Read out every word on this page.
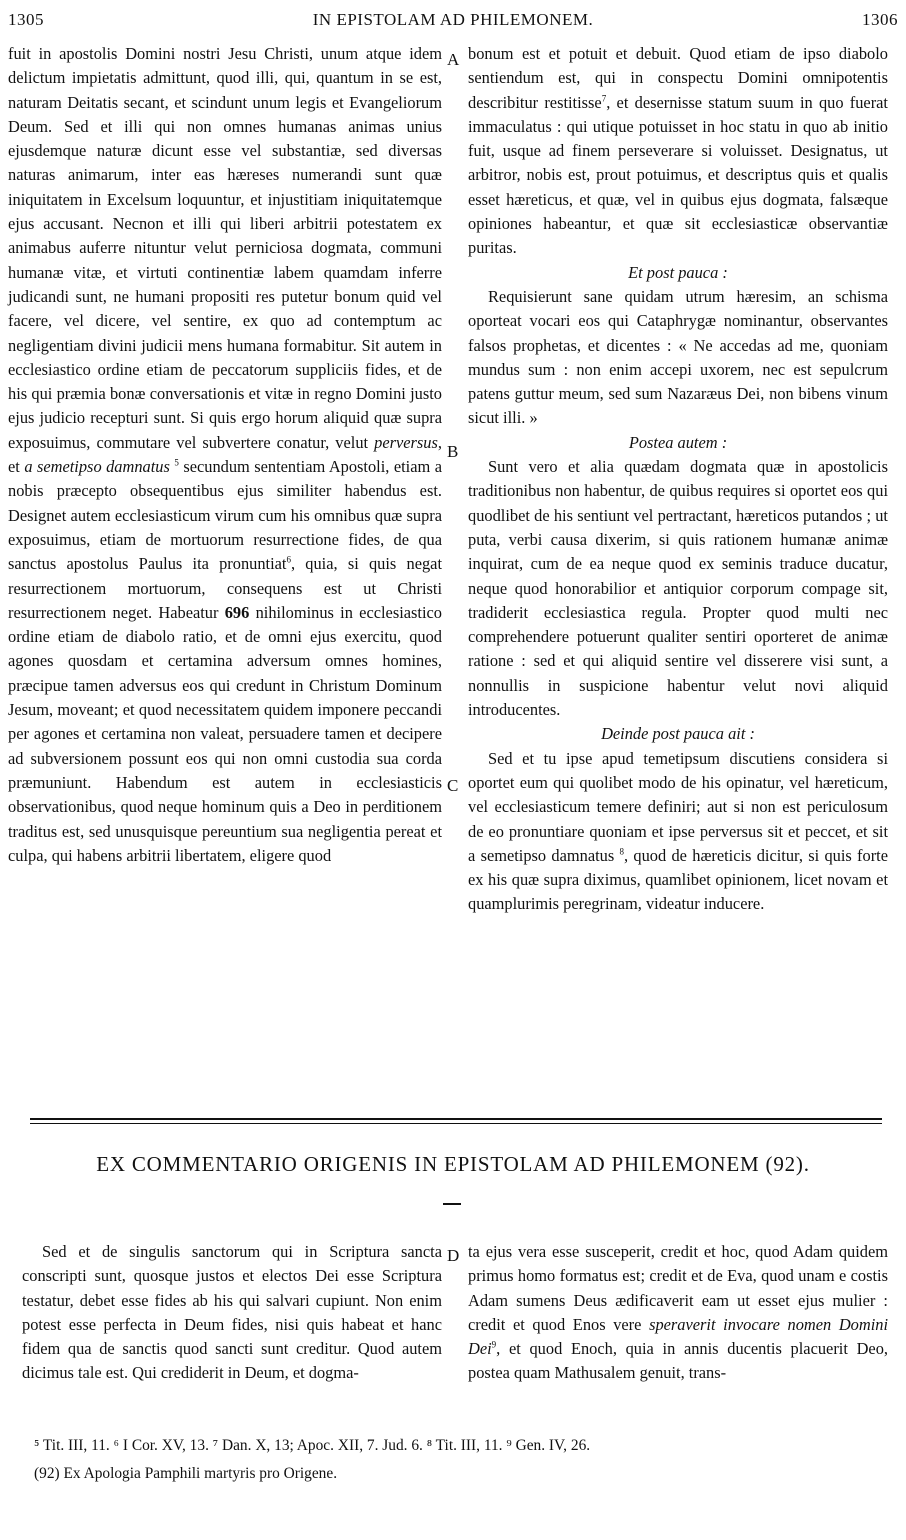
1305	IN EPISTOLAM AD PHILEMONEM.	1306

fuit in apostolis Domini nostri Jesu Christi, unum atque idem delictum impietatis admittunt, quod illi, qui, quantum in se est, naturam Deitatis secant, et scindunt unum legis et Evangeliorum Deum. Sed et illi qui non omnes humanas animas unius ejusdemque naturæ dicunt esse vel substantiæ, sed diversas naturas animarum, inter eas hæreses numerandi sunt quæ iniquitatem in Excelsum loquuntur, et injustitiam iniquitatemque ejus accusant. Necnon et illi qui liberi arbitrii potestatem ex animabus auferre nituntur velut perniciosa dogmata, communi humanæ vitæ, et virtuti continentiæ labem quamdam inferre judicandi sunt, ne humani propositi res putetur bonum quid vel facere, vel dicere, vel sentire, ex quo ad contemptum ac negligentiam divini judicii mens humana formabitur. Sit autem in ecclesiastico ordine etiam de peccatorum suppliciis fides, et de his qui præmia bonæ conversationis et vitæ in regno Domini justo ejus judicio recepturi sunt. Si quis ergo horum aliquid quæ supra exposuimus, commutare vel subvertere conatur, velut perversus, et a semetipso damnatus $^5$ secundum sententiam Apostoli, etiam a nobis præcepto obsequentibus ejus similiter habendus est. Designet autem ecclesiasticum virum cum his omnibus quæ supra exposuimus, etiam de mortuorum resurrectione fides, de qua sanctus apostolus Paulus ita pronuntiat$^6$, quia, si quis negat resurrectionem mortuorum, consequens est ut Christi resurrectionem neget. Habeatur 696 nihilominus in ecclesiastico ordine etiam de diabolo ratio, et de omni ejus exercitu, quod agones quosdam et certamina adversum omnes homines, præcipue tamen adversus eos qui credunt in Christum Dominum Jesum, moveant; et quod necessitatem quidem imponere peccandi per agones et certamina non valeat, persuadere tamen et decipere ad subversionem possunt eos qui non omni custodia sua corda præmuniunt. Habendum est autem in ecclesiasticis observationibus, quod neque hominum quis a Deo in perditionem traditus est, sed unusquisque pereuntium sua negligentia pereat et culpa, qui habens arbitrii libertatem, eligere quod

A
B
C
D

bonum est et potuit et debuit. Quod etiam de ipso diabolo sentiendum est, qui in conspectu Domini omnipotentis describitur restitisse$^7$, et desernisse statum suum in quo fuerat immaculatus : qui utique potuisset in hoc statu in quo ab initio fuit, usque ad finem perseverare si voluisset. Designatus, ut arbitror, nobis est, prout potuimus, et descriptus quis et qualis esset hæreticus, et quæ, vel in quibus ejus dogmata, falsæque opiniones habeantur, et quæ sit ecclesiasticæ observantiæ puritas.

Et post pauca :

Requisierunt sane quidam utrum hæresim, an schisma oporteat vocari eos qui Cataphrygæ nominantur, observantes falsos prophetas, et dicentes : « Ne accedas ad me, quoniam mundus sum : non enim accepi uxorem, nec est sepulcrum patens guttur meum, sed sum Nazaræus Dei, non bibens vinum sicut illi. »

Postea autem :

Sunt vero et alia quædam dogmata quæ in apostolicis traditionibus non habentur, de quibus requires si oportet eos qui quodlibet de his sentiunt vel pertractant, hæreticos putandos ; ut puta, verbi causa dixerim, si quis rationem humanæ animæ inquirat, cum de ea neque quod ex seminis traduce ducatur, neque quod honorabilior et antiquior corporum compage sit, tradiderit ecclesiastica regula. Propter quod multi nec comprehendere potuerunt qualiter sentiri oporteret de animæ ratione : sed et qui aliquid sentire vel disserere visi sunt, a nonnullis in suspicione habentur velut novi aliquid introducentes.

Deinde post pauca ait :

Sed et tu ipse apud temetipsum discutiens considera si oportet eum qui quolibet modo de his opinatur, vel hæreticum, vel ecclesiasticum temere definiri; aut si non est periculosum de eo pronuntiare quoniam et ipse perversus sit et peccet, et sit a semetipso damnatus $^8$, quod de hæreticis dicitur, si quis forte ex his quæ supra diximus, quamlibet opinionem, licet novam et quamplurimis peregrinam, videatur inducere.

EX COMMENTARIO ORIGENIS IN EPISTOLAM AD PHILEMONEM (92).

Sed et de singulis sanctorum qui in Scriptura sancta conscripti sunt, quosque justos et electos Dei esse Scriptura testatur, debet esse fides ab his qui salvari cupiunt. Non enim potest esse perfecta in Deum fides, nisi quis habeat et hanc fidem qua de sanctis quod sancti sunt creditur. Quod autem dicimus tale est. Qui crediderit in Deum, et dogma-

ta ejus vera esse susceperit, credit et hoc, quod Adam quidem primus homo formatus est; credit et de Eva, quod unam e costis Adam sumens Deus ædificaverit eam ut esset ejus mulier : credit et quod Enos vere speraverit invocare nomen Domini Dei$^9$, et quod Enoch, quia in annis ducentis placuerit Deo, postea quam Mathusalem genuit, trans-

⁵ Tit. III, 11. ⁶ I Cor. XV, 13. ⁷ Dan. X, 13; Apoc. XII, 7. Jud. 6. ⁸ Tit. III, 11. ⁹ Gen. IV, 26.
(92) Ex Apologia Pamphili martyris pro Origene.
